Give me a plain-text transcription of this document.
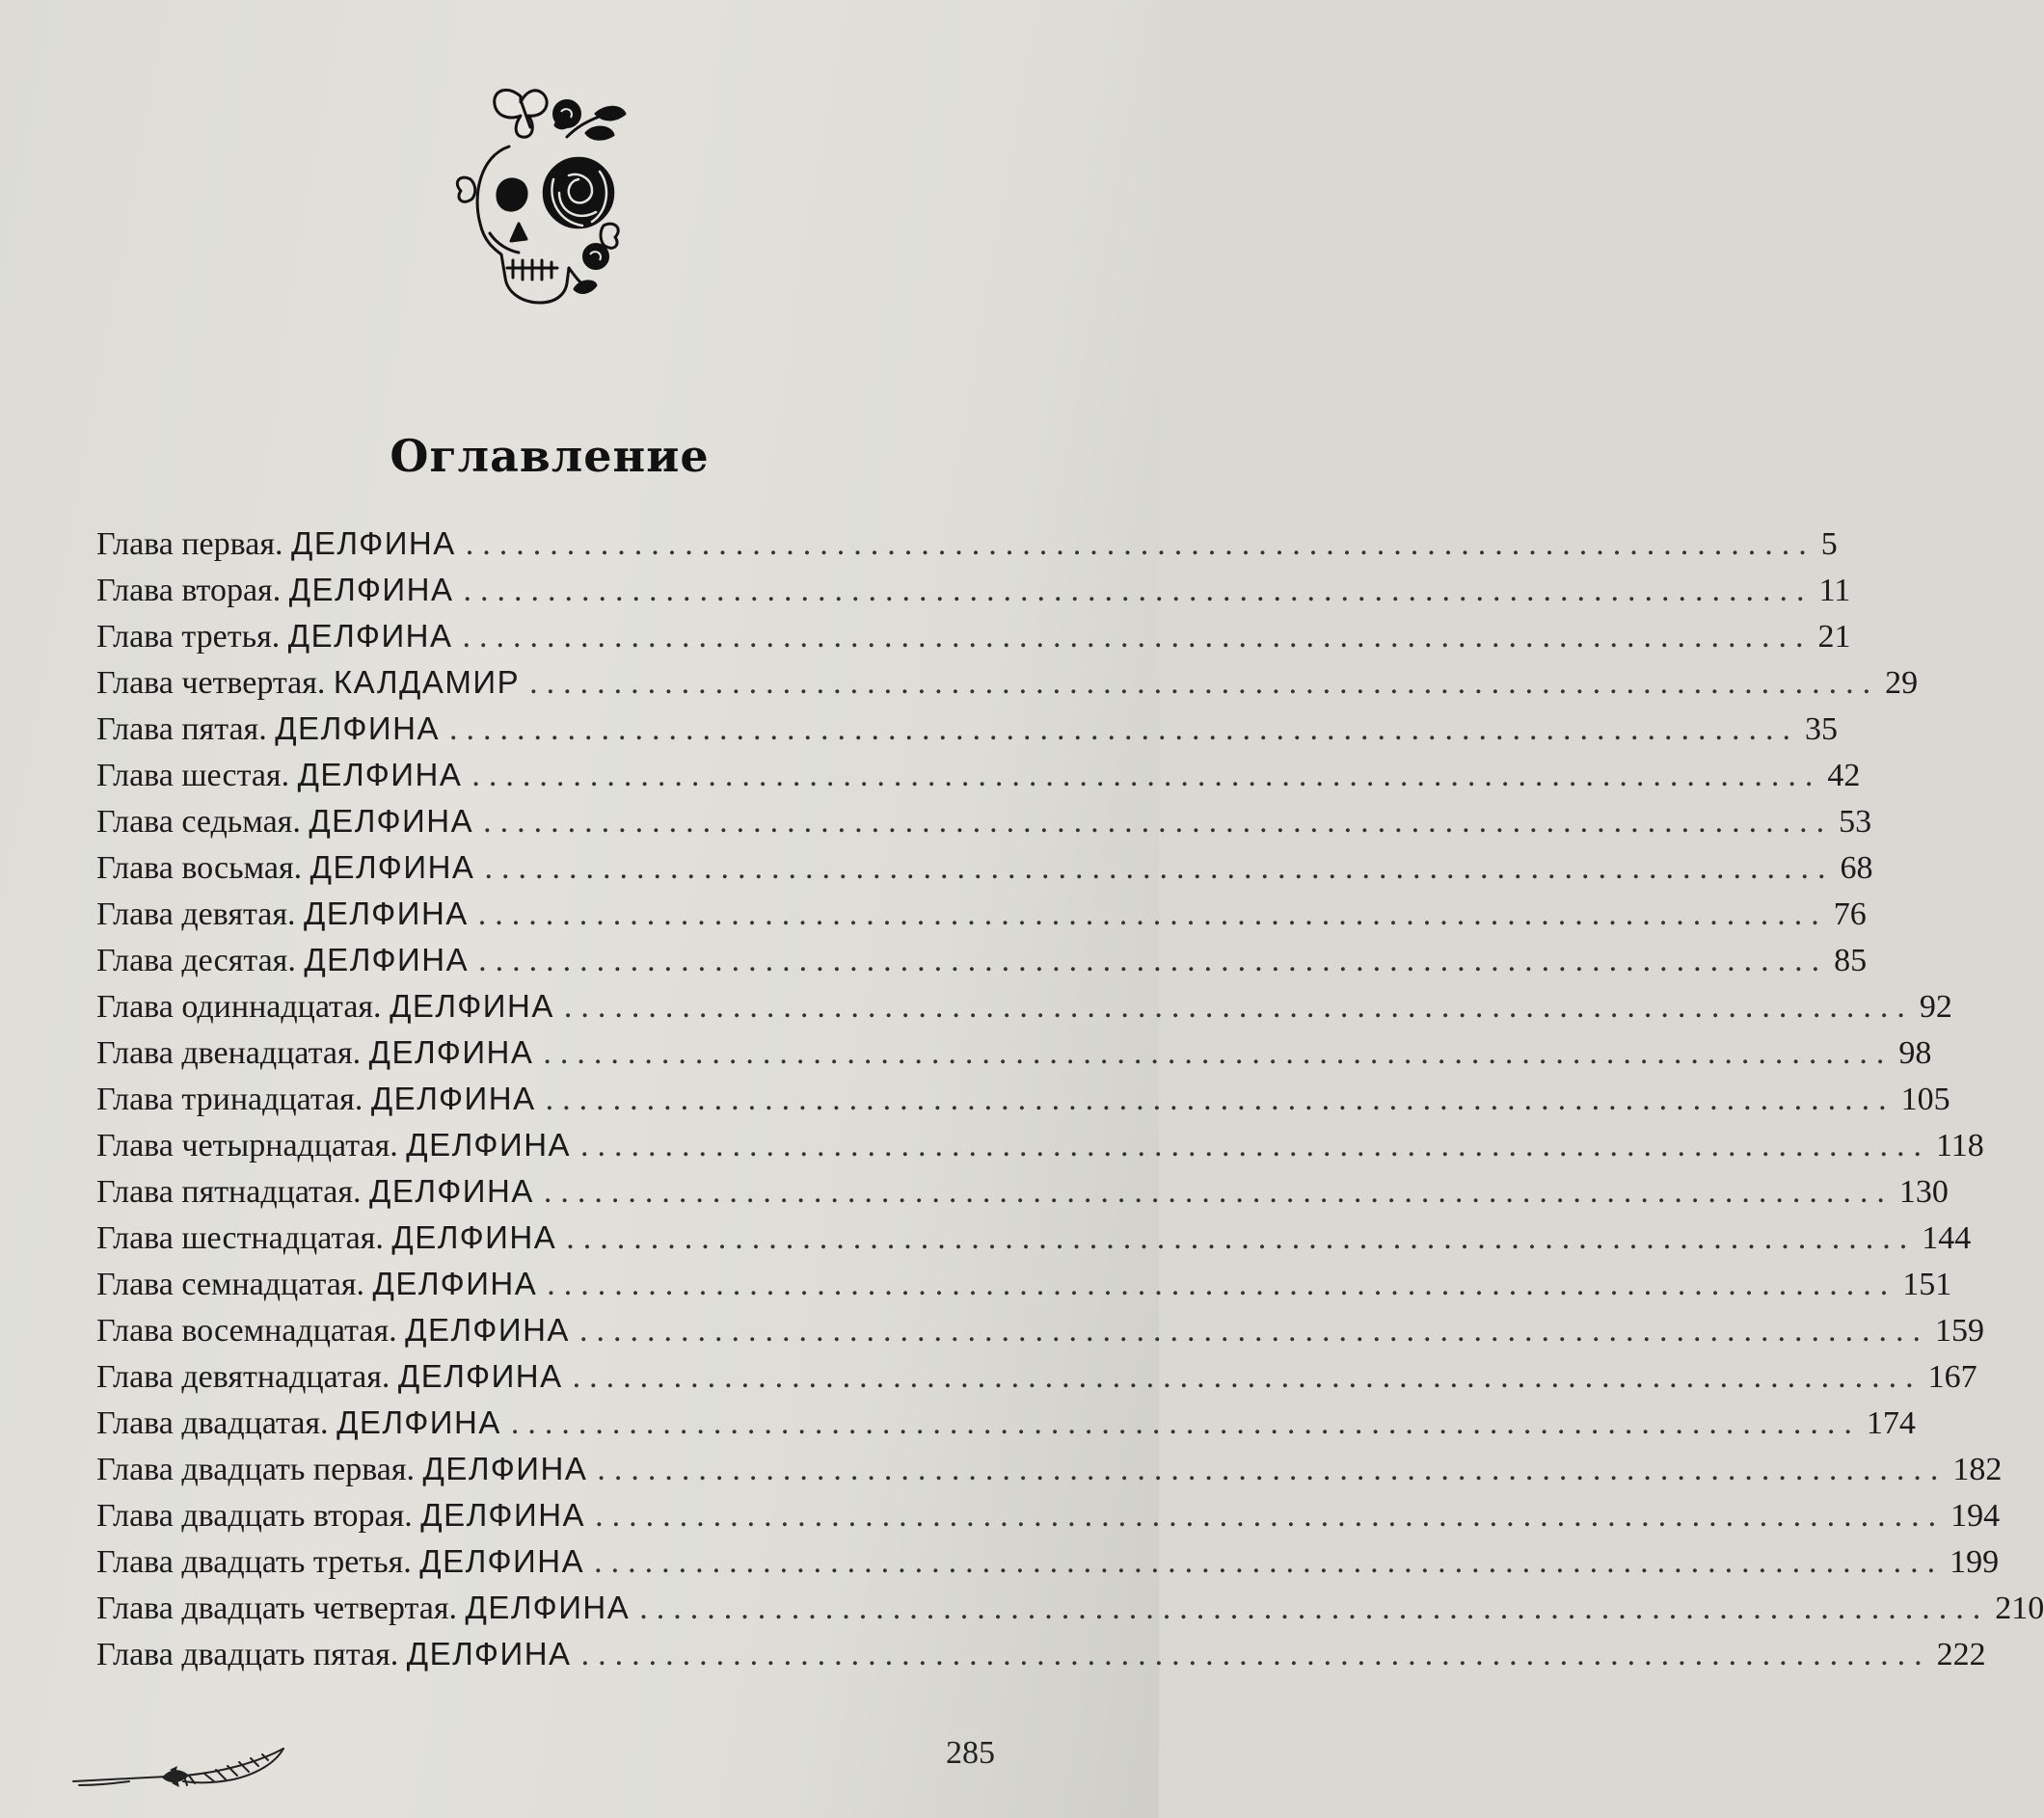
Оглавление
Глава первая. ДЕЛФИНА ................................................................................ 5
Глава вторая. ДЕЛФИНА ................................................................................ 11
Глава третья. ДЕЛФИНА ................................................................................ 21
Глава четвертая. КАЛДАМИР ................................................................................ 29
Глава пятая. ДЕЛФИНА ................................................................................ 35
Глава шестая. ДЕЛФИНА ................................................................................ 42
Глава седьмая. ДЕЛФИНА ................................................................................ 53
Глава восьмая. ДЕЛФИНА ................................................................................ 68
Глава девятая. ДЕЛФИНА ................................................................................ 76
Глава десятая. ДЕЛФИНА ................................................................................ 85
Глава одиннадцатая. ДЕЛФИНА ................................................................................ 92
Глава двенадцатая. ДЕЛФИНА ................................................................................ 98
Глава тринадцатая. ДЕЛФИНА ................................................................................ 105
Глава четырнадцатая. ДЕЛФИНА ................................................................................ 118
Глава пятнадцатая. ДЕЛФИНА ................................................................................ 130
Глава шестнадцатая. ДЕЛФИНА ................................................................................ 144
Глава семнадцатая. ДЕЛФИНА ................................................................................ 151
Глава восемнадцатая. ДЕЛФИНА ................................................................................ 159
Глава девятнадцатая. ДЕЛФИНА ................................................................................ 167
Глава двадцатая. ДЕЛФИНА ................................................................................ 174
Глава двадцать первая. ДЕЛФИНА ................................................................................ 182
Глава двадцать вторая. ДЕЛФИНА ................................................................................ 194
Глава двадцать третья. ДЕЛФИНА ................................................................................ 199
Глава двадцать четвертая. ДЕЛФИНА ................................................................................ 210
Глава двадцать пятая. ДЕЛФИНА ................................................................................ 222
285
